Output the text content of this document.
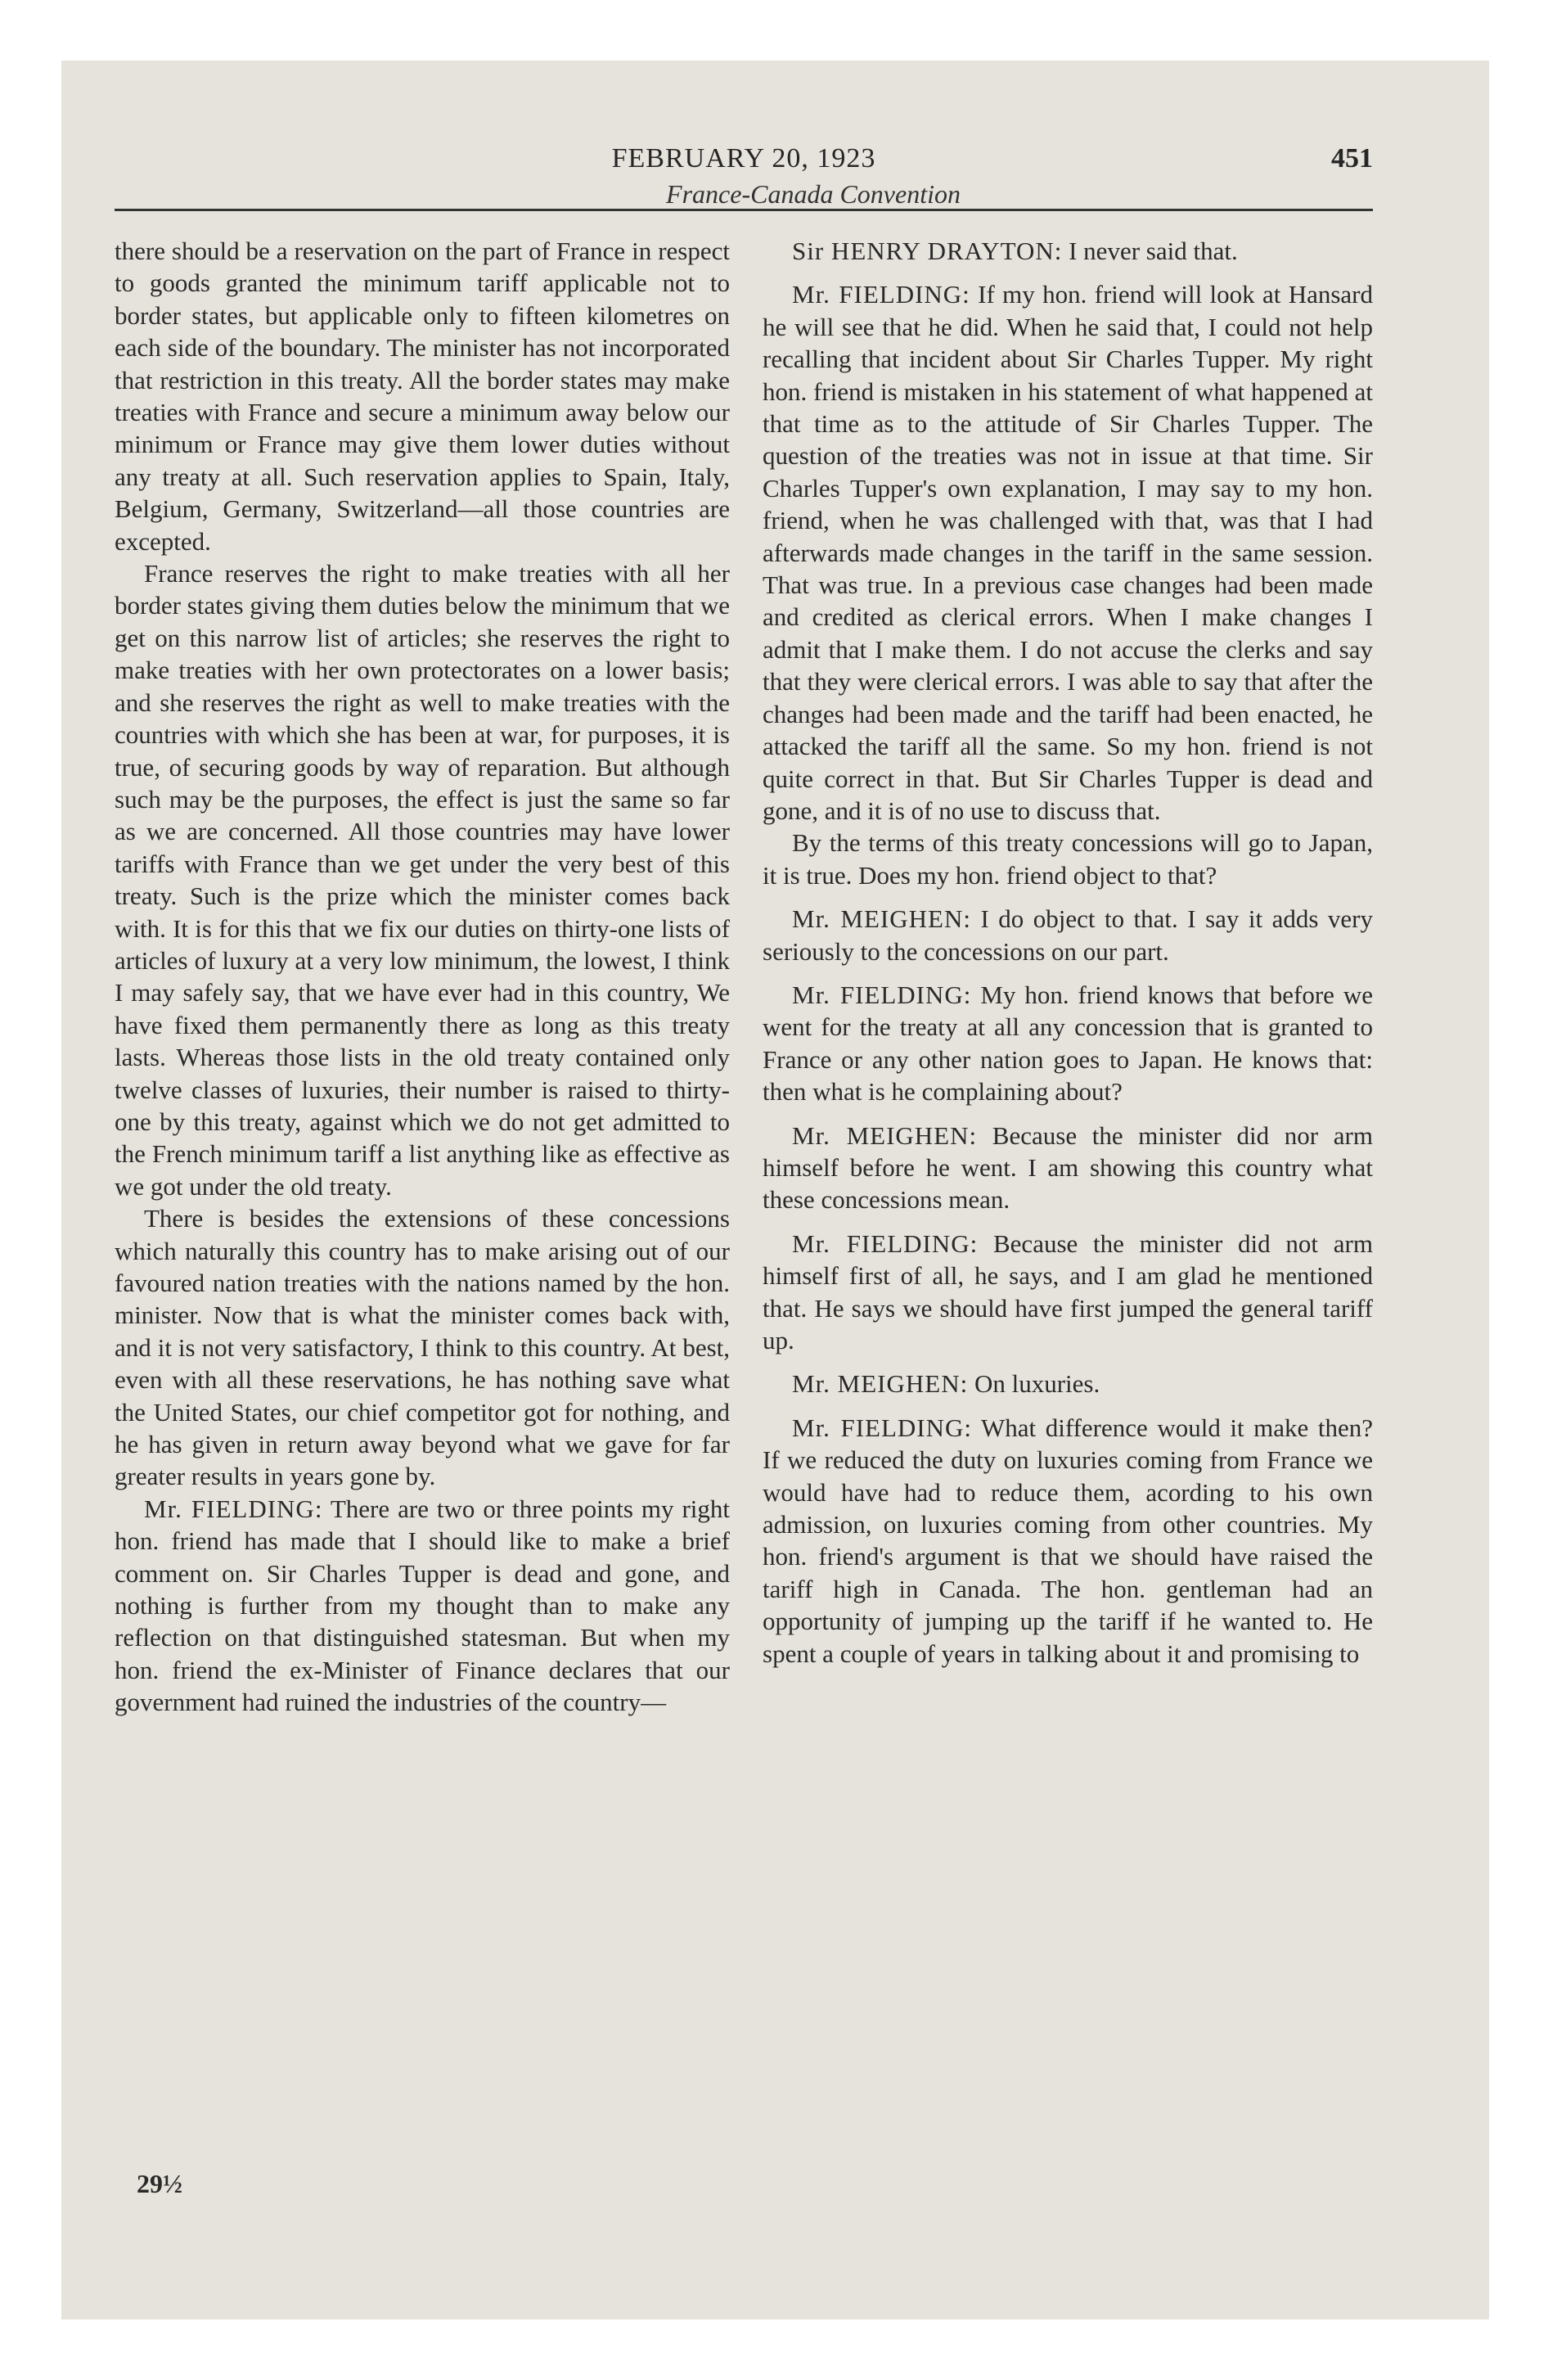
FEBRUARY 20, 1923	451
France-Canada Convention

there should be a reservation on the part of France in respect to goods granted the minimum tariff applicable not to border states, but applicable only to fifteen kilometres on each side of the boundary. The minister has not incorporated that restriction in this treaty. All the border states may make treaties with France and secure a minimum away below our minimum or France may give them lower duties without any treaty at all. Such reservation applies to Spain, Italy, Belgium, Germany, Switzerland—all those countries are excepted.

France reserves the right to make treaties with all her border states giving them duties below the minimum that we get on this narrow list of articles; she reserves the right to make treaties with her own protectorates on a lower basis; and she reserves the right as well to make treaties with the countries with which she has been at war, for purposes, it is true, of securing goods by way of reparation. But although such may be the purposes, the effect is just the same so far as we are concerned. All those countries may have lower tariffs with France than we get under the very best of this treaty. Such is the prize which the minister comes back with. It is for this that we fix our duties on thirty-one lists of articles of luxury at a very low minimum, the lowest, I think I may safely say, that we have ever had in this country, We have fixed them permanently there as long as this treaty lasts. Whereas those lists in the old treaty contained only twelve classes of luxuries, their number is raised to thirty-one by this treaty, against which we do not get admitted to the French minimum tariff a list anything like as effective as we got under the old treaty.

There is besides the extensions of these concessions which naturally this country has to make arising out of our favoured nation treaties with the nations named by the hon. minister. Now that is what the minister comes back with, and it is not very satisfactory, I think to this country. At best, even with all these reservations, he has nothing save what the United States, our chief competitor got for nothing, and he has given in return away beyond what we gave for far greater results in years gone by.

Mr. FIELDING: There are two or three points my right hon. friend has made that I should like to make a brief comment on. Sir Charles Tupper is dead and gone, and nothing is further from my thought than to make any reflection on that distinguished statesman. But when my hon. friend the ex-Minister of Finance declares that our government had ruined the industries of the country—

29½

Sir HENRY DRAYTON: I never said that.

Mr. FIELDING: If my hon. friend will look at Hansard he will see that he did. When he said that, I could not help recalling that incident about Sir Charles Tupper. My right hon. friend is mistaken in his statement of what happened at that time as to the attitude of Sir Charles Tupper. The question of the treaties was not in issue at that time. Sir Charles Tupper's own explanation, I may say to my hon. friend, when he was challenged with that, was that I had afterwards made changes in the tariff in the same session. That was true. In a previous case changes had been made and credited as clerical errors. When I make changes I admit that I make them. I do not accuse the clerks and say that they were clerical errors. I was able to say that after the changes had been made and the tariff had been enacted, he attacked the tariff all the same. So my hon. friend is not quite correct in that. But Sir Charles Tupper is dead and gone, and it is of no use to discuss that.

By the terms of this treaty concessions will go to Japan, it is true. Does my hon. friend object to that?

Mr. MEIGHEN: I do object to that. I say it adds very seriously to the concessions on our part.

Mr. FIELDING: My hon. friend knows that before we went for the treaty at all any concession that is granted to France or any other nation goes to Japan. He knows that: then what is he complaining about?

Mr. MEIGHEN: Because the minister did nor arm himself before he went. I am showing this country what these concessions mean.

Mr. FIELDING: Because the minister did not arm himself first of all, he says, and I am glad he mentioned that. He says we should have first jumped the general tariff up.

Mr. MEIGHEN: On luxuries.

Mr. FIELDING: What difference would it make then? If we reduced the duty on luxuries coming from France we would have had to reduce them, acording to his own admission, on luxuries coming from other countries. My hon. friend's argument is that we should have raised the tariff high in Canada. The hon. gentleman had an opportunity of jumping up the tariff if he wanted to. He spent a couple of years in talking about it and promising to
